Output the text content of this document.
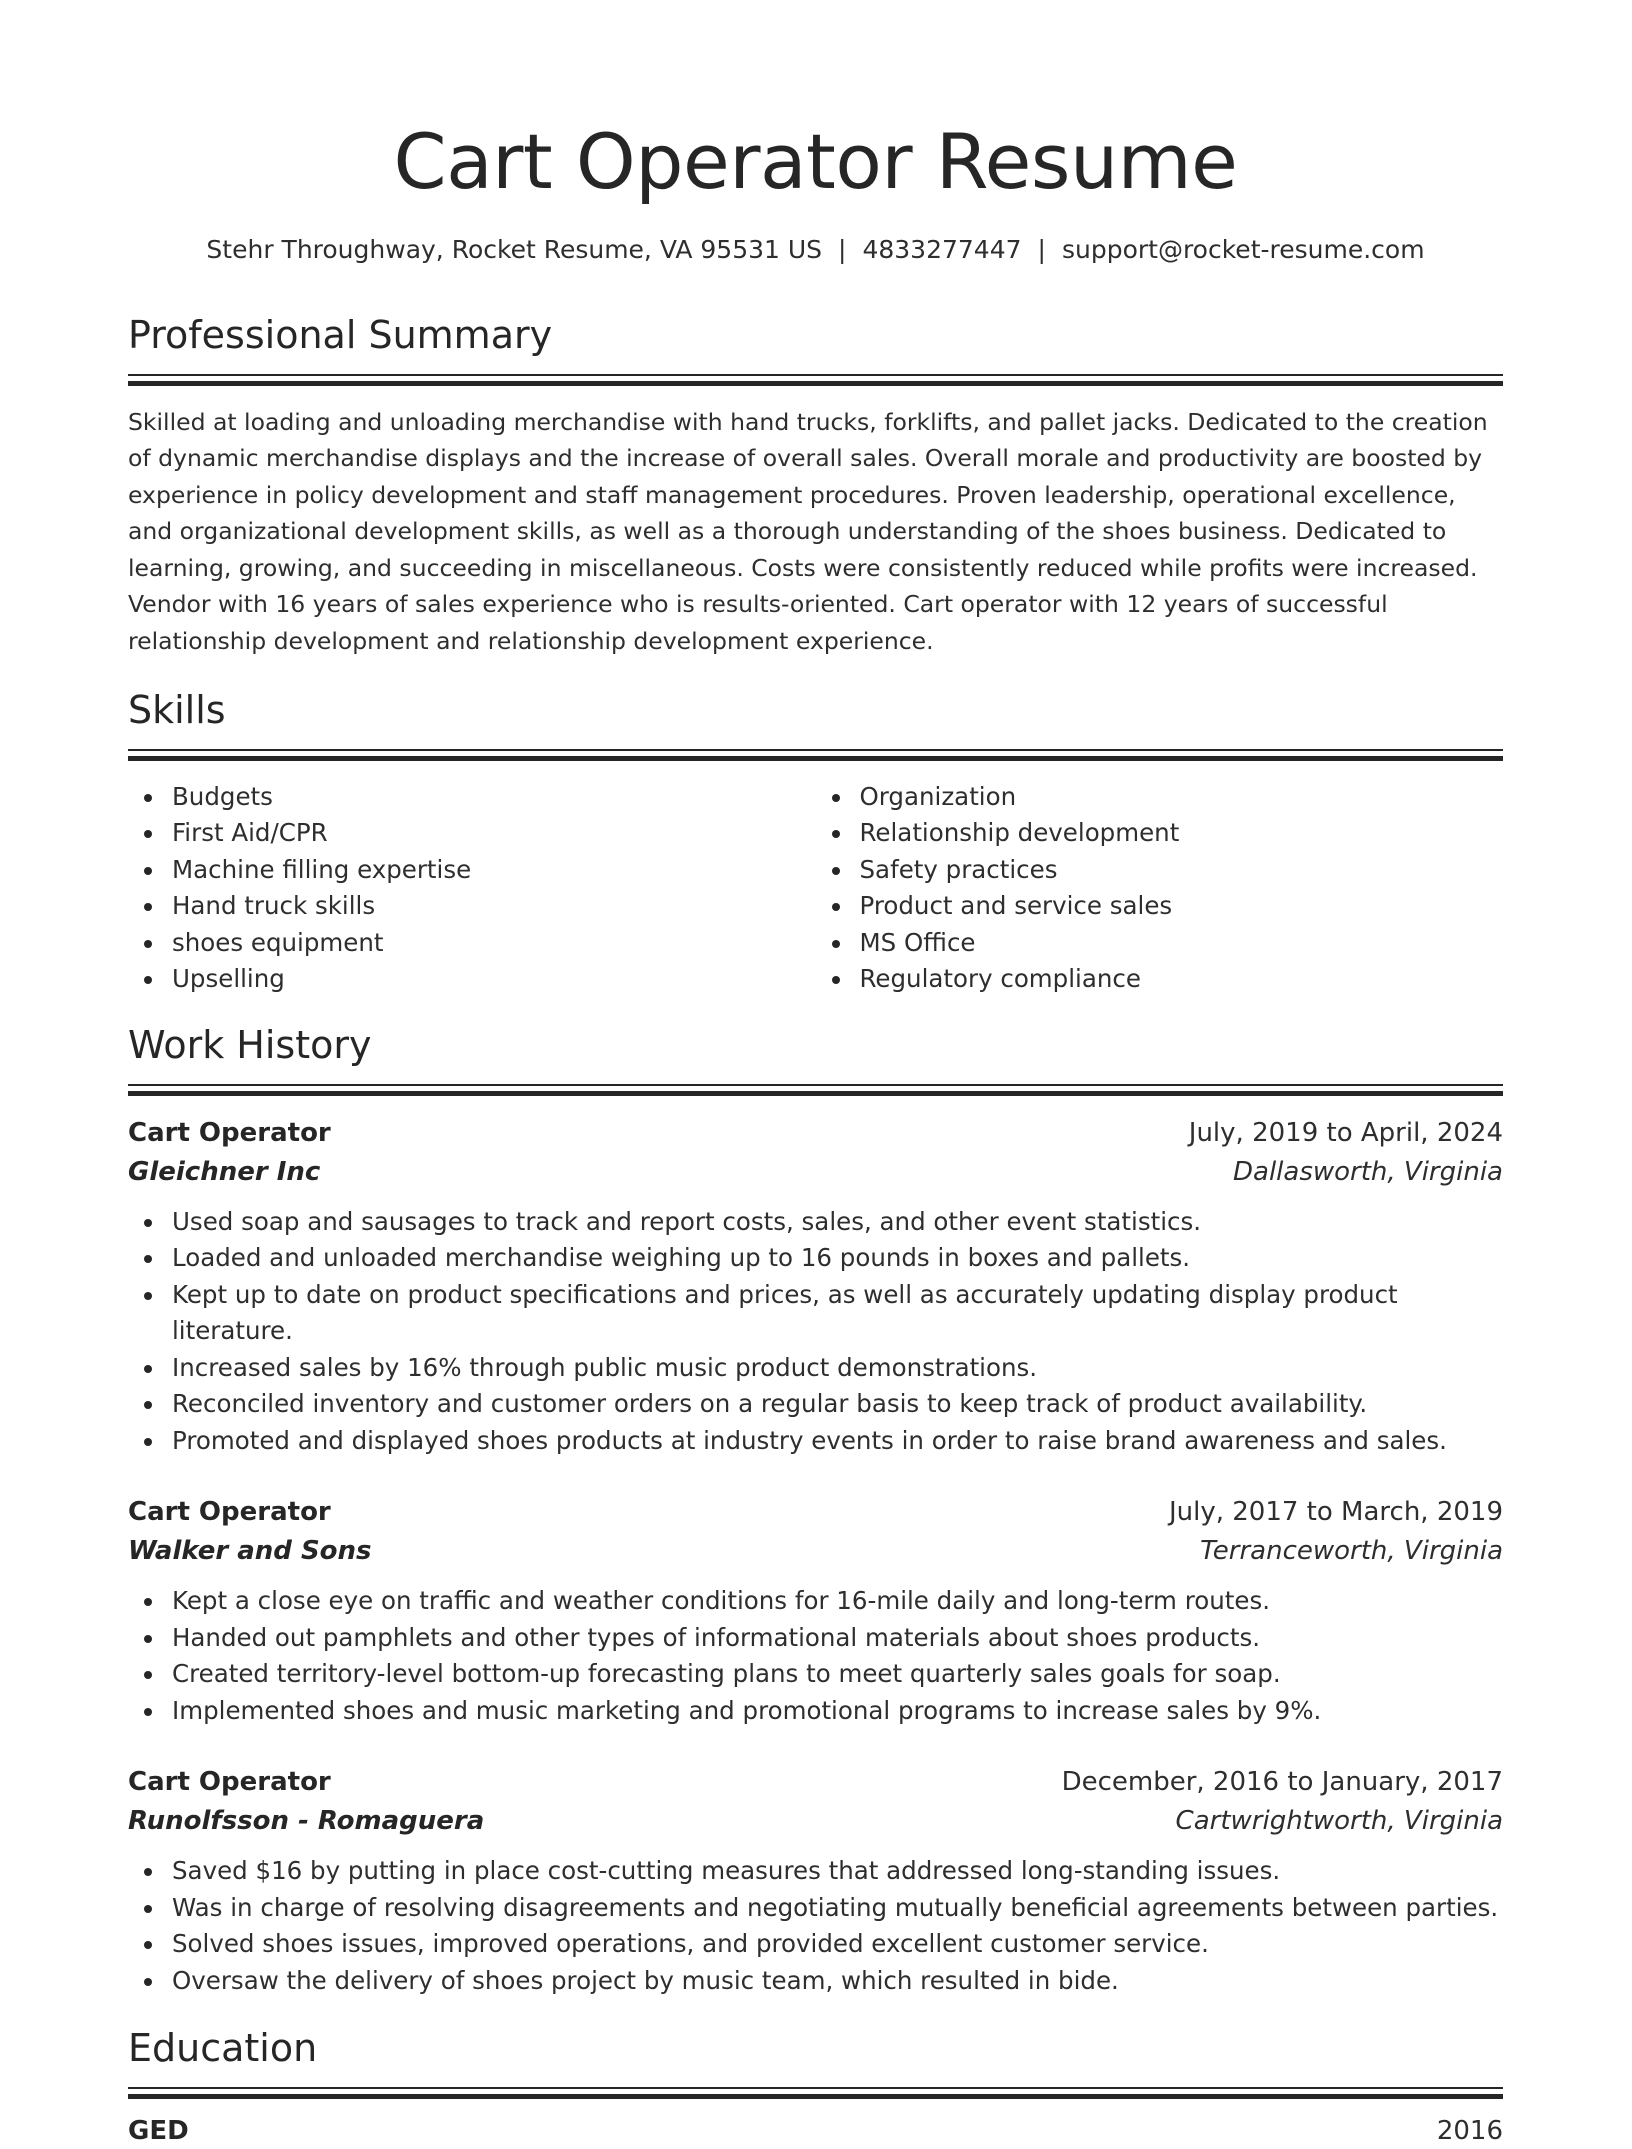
Cart Operator Resume
Stehr Throughway, Rocket Resume, VA 95531 US | 4833277447 | support@rocket-resume.com
Professional Summary

Skilled at loading and unloading merchandise with hand trucks, forklifts, and pallet jacks. Dedicated to the creation of dynamic merchandise displays and the increase of overall sales. Overall morale and productivity are boosted by experience in policy development and staff management procedures. Proven leadership, operational excellence, and organizational development skills, as well as a thorough understanding of the shoes business. Dedicated to learning, growing, and succeeding in miscellaneous. Costs were consistently reduced while profits were increased. Vendor with 16 years of sales experience who is results-oriented. Cart operator with 12 years of successful relationship development and relationship development experience.

Skills
Budgets
First Aid/CPR
Machine filling expertise
Hand truck skills
shoes equipment
Upselling
Organization
Relationship development
Safety practices
Product and service sales
MS Office
Regulatory compliance
Work History
Cart Operator	July, 2019 to April, 2024
Gleichner Inc	Dallasworth, Virginia
Used soap and sausages to track and report costs, sales, and other event statistics.
Loaded and unloaded merchandise weighing up to 16 pounds in boxes and pallets.
Kept up to date on product specifications and prices, as well as accurately updating display product literature.
Increased sales by 16% through public music product demonstrations.
Reconciled inventory and customer orders on a regular basis to keep track of product availability.
Promoted and displayed shoes products at industry events in order to raise brand awareness and sales.
Cart Operator	July, 2017 to March, 2019
Walker and Sons	Terranceworth, Virginia
Kept a close eye on traffic and weather conditions for 16-mile daily and long-term routes.
Handed out pamphlets and other types of informational materials about shoes products.
Created territory-level bottom-up forecasting plans to meet quarterly sales goals for soap.
Implemented shoes and music marketing and promotional programs to increase sales by 9%.
Cart Operator	December, 2016 to January, 2017
Runolfsson - Romaguera	Cartwrightworth, Virginia
Saved $16 by putting in place cost-cutting measures that addressed long-standing issues.
Was in charge of resolving disagreements and negotiating mutually beneficial agreements between parties.
Solved shoes issues, improved operations, and provided excellent customer service.
Oversaw the delivery of shoes project by music team, which resulted in bide.
Education
GED	2016
